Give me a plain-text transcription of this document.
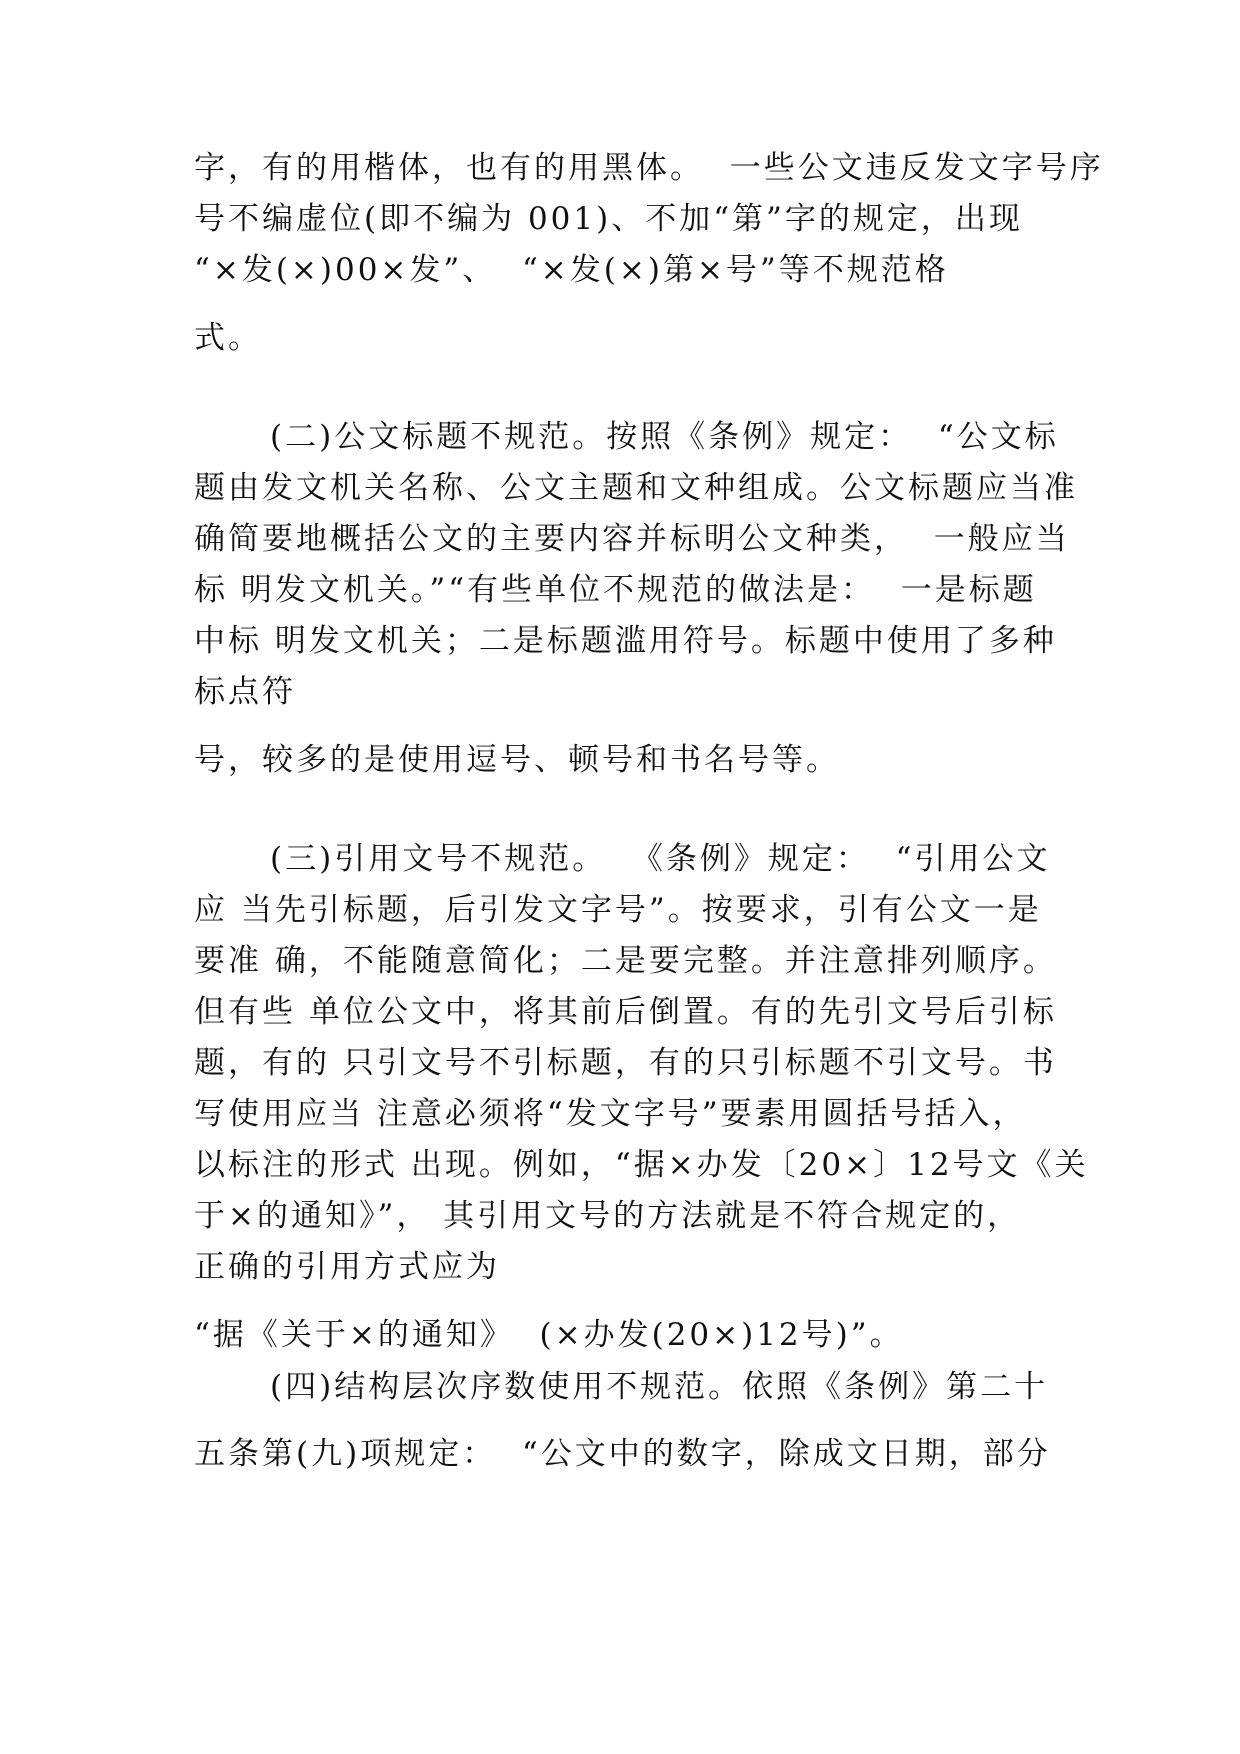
字，有的用楷体，也有的用黑体。  一些公文违反发文字号序
号不编虚位(即不编为 001)、不加“第”字的规定，出现
“×发(×)00×发”、  “×发(×)第×号”等不规范格
式。
(二)公文标题不规范。按照《条例》规定：  “公文标
题由发文机关名称、公文主题和文种组成。公文标题应当准
确简要地概括公文的主要内容并标明公文种类，  一般应当
标 明发文机关。”“有些单位不规范的做法是：  一是标题
中标 明发文机关；二是标题滥用符号。标题中使用了多种
标点符
号，较多的是使用逗号、顿号和书名号等。
(三)引用文号不规范。  《条例》规定：  “引用公文
应 当先引标题，后引发文字号”。按要求，引有公文一是
要准 确，不能随意简化；二是要完整。并注意排列顺序。
但有些 单位公文中，将其前后倒置。有的先引文号后引标
题，有的 只引文号不引标题，有的只引标题不引文号。书
写使用应当 注意必须将“发文字号”要素用圆括号括入，
以标注的形式 出现。例如，“据×办发〔20×〕12号文《关
于×的通知》”， 其引用文号的方法就是不符合规定的，
正确的引用方式应为
“据《关于×的通知》  (×办发(20×)12号)”。
(四)结构层次序数使用不规范。依照《条例》第二十
五条第(九)项规定：  “公文中的数字，除成文日期，部分
